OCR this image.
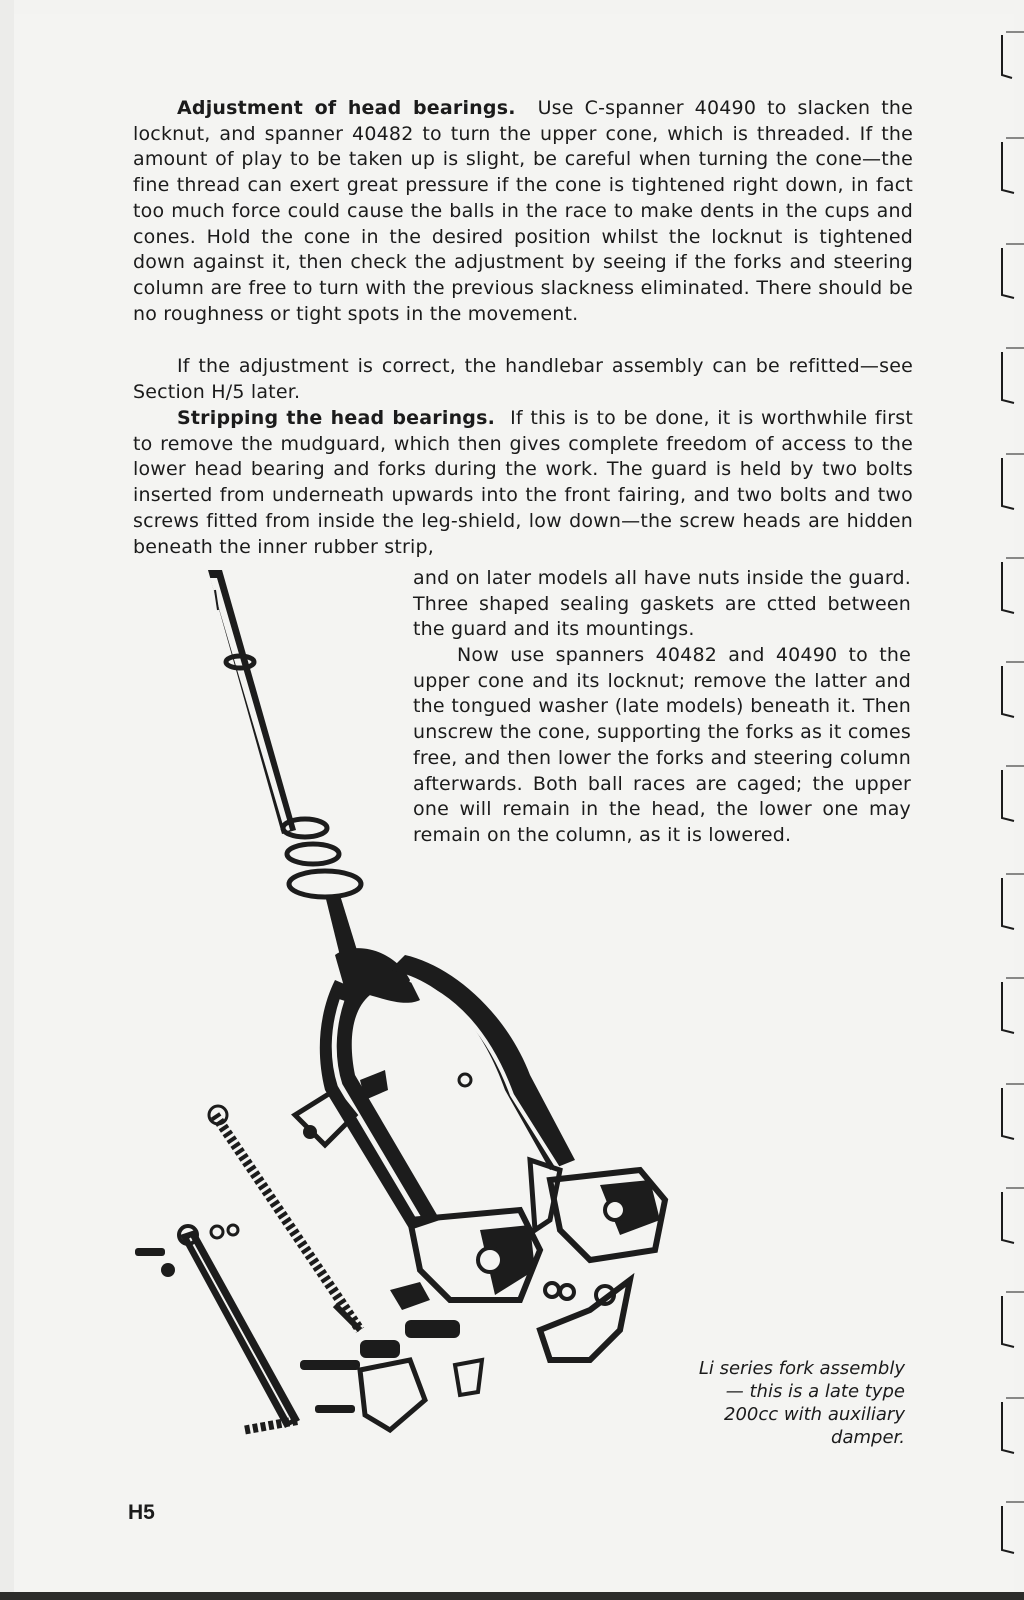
Adjustment of head bearings. Use C-spanner 40490 to slacken the locknut, and spanner 40482 to turn the upper cone, which is threaded. If the amount of play to be taken up is slight, be careful when turning the cone—the fine thread can exert great pressure if the cone is tightened right down, in fact too much force could cause the balls in the race to make dents in the cups and cones. Hold the cone in the desired position whilst the locknut is tightened down against it, then check the adjustment by seeing if the forks and steering column are free to turn with the previous slackness eliminated. There should be no roughness or tight spots in the movement.
If the adjustment is correct, the handlebar assembly can be refitted—see Section H/5 later.
Stripping the head bearings. If this is to be done, it is worthwhile first to remove the mudguard, which then gives complete freedom of access to the lower head bearing and forks during the work. The guard is held by two bolts inserted from underneath upwards into the front fairing, and two bolts and two screws fitted from inside the leg-shield, low down—the screw heads are hidden beneath the inner rubber strip,
and on later models all have nuts inside the guard. Three shaped sealing gaskets are ctted between the guard and its mountings.
Now use spanners 40482 and 40490 to the upper cone and its locknut; remove the latter and the tongued washer (late models) beneath it. Then unscrew the cone, supporting the forks as it comes free, and then lower the forks and steering column afterwards. Both ball races are caged; the upper one will remain in the head, the lower one may remain on the column, as it is lowered.
Li series fork assembly— this is a late type 200cc with auxiliary damper.
H5
